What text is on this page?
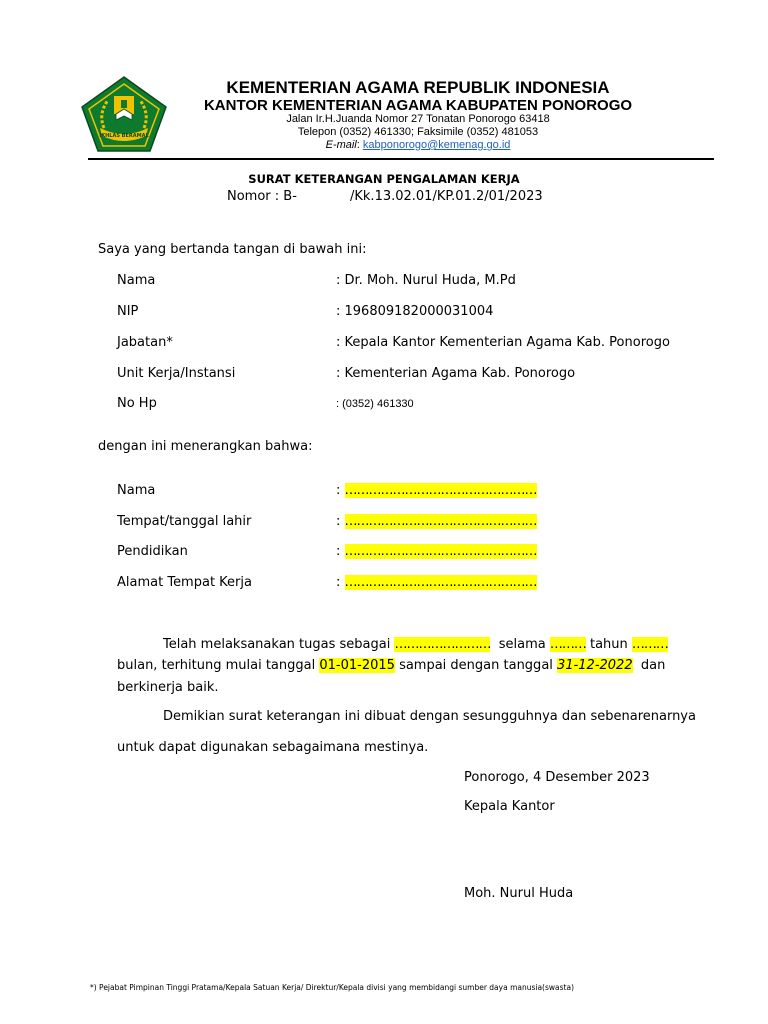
IKHLAS BERAMAL
KEMENTERIAN AGAMA REPUBLIK INDONESIA
KANTOR KEMENTERIAN AGAMA KABUPATEN PONOROGO
Jalan Ir.H.Juanda Nomor 27 Tonatan Ponorogo 63418
Telepon (0352) 461330; Faksimile (0352) 481053
E-mail: kabponorogo@kemenag.go.id
SURAT KETERANGAN PENGALAMAN KERJA
Nomor : B-	/Kk.13.02.01/KP.01.2/01/2023
Saya yang bertanda tangan di bawah ini:
Nama	: Dr. Moh. Nurul Huda, M.Pd
NIP	: 196809182000031004
Jabatan*	: Kepala Kantor Kementerian Agama Kab. Ponorogo
Unit Kerja/Instansi	: Kementerian Agama Kab. Ponorogo
No Hp	: (0352) 461330
dengan ini menerangkan bahwa:
Nama	: …………………………………………
Tempat/tanggal lahir	: …………………………………………
Pendidikan	: …………………………………………
Alamat Tempat Kerja	: …………………………………………
Telah melaksanakan tugas sebagai …………………… selama ……… tahun ………
bulan, terhitung mulai tanggal 01-01-2015 sampai dengan tanggal 31-12-2022 dan
berkinerja baik.
Demikian surat keterangan ini dibuat dengan sesungguhnya dan sebenarenarnya
untuk dapat digunakan sebagaimana mestinya.
Ponorogo, 4 Desember 2023
Kepala Kantor
Moh. Nurul Huda
*) Pejabat Pimpinan Tinggi Pratama/Kepala Satuan Kerja/ Direktur/Kepala divisi yang membidangi sumber daya manusia(swasta)
